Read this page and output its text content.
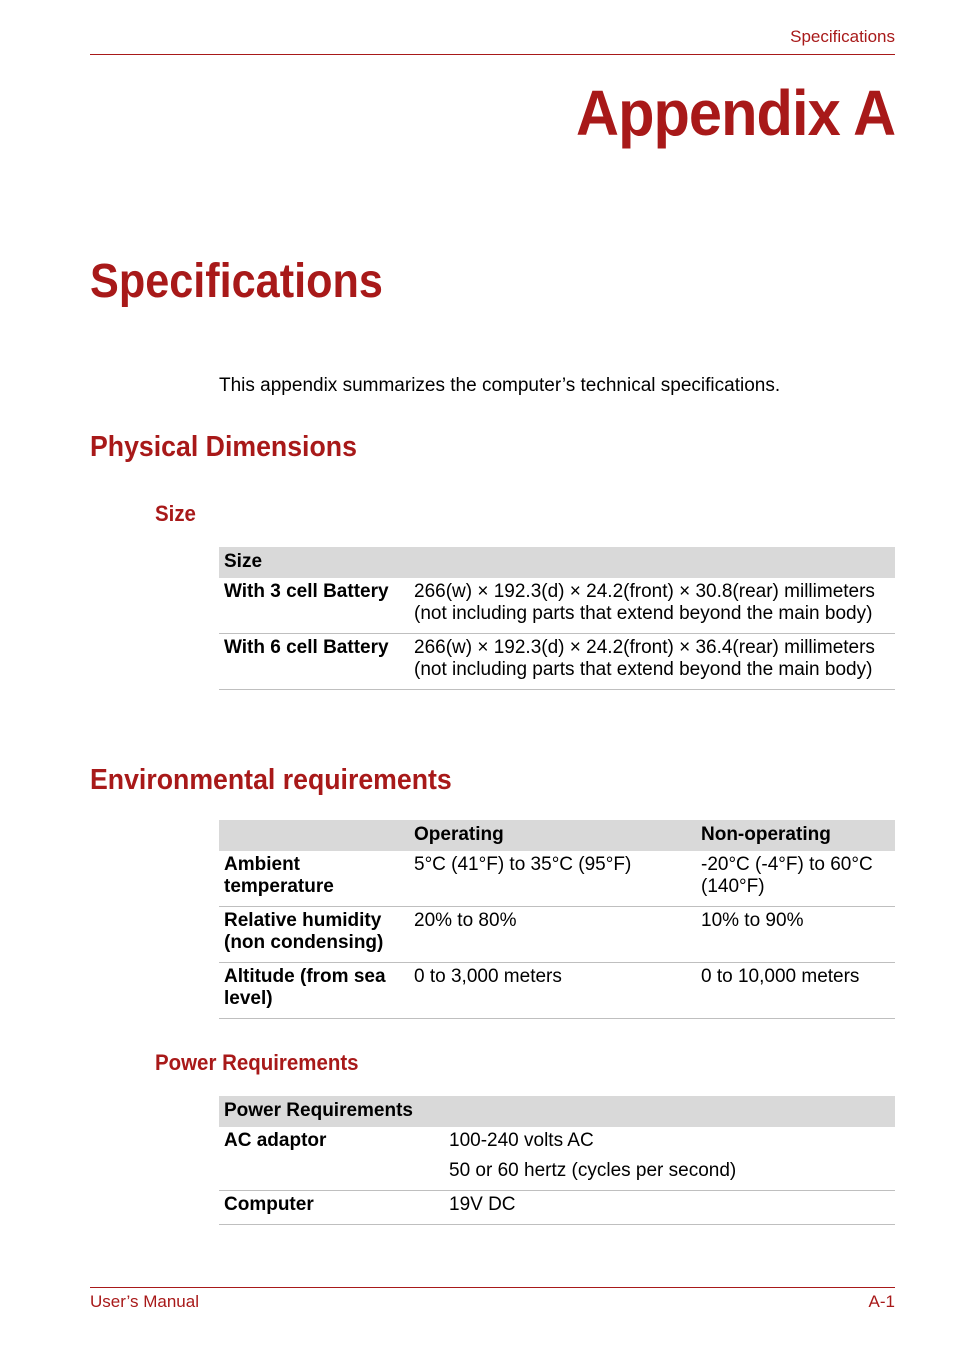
Specifications
Appendix A
Specifications
This appendix summarizes the computer’s technical specifications.
Physical Dimensions
Size
Size	
With 3 cell Battery	266(w) × 192.3(d) × 24.2(front) × 30.8(rear) millimeters (not including parts that extend beyond the main body)
With 6 cell Battery	266(w) × 192.3(d) × 24.2(front) × 36.4(rear) millimeters (not including parts that extend beyond the main body)
Environmental requirements
	Operating	Non-operating
Ambient temperature	5°C (41°F) to 35°C (95°F)	-20°C (-4°F) to 60°C (140°F)
Relative humidity (non condensing)	20% to 80%	10% to 90%
Altitude (from sea level)	0 to 3,000 meters	0 to 10,000 meters
Power Requirements
Power Requirements	
AC adaptor	100-240 volts AC
50 or 60 hertz (cycles per second)

Computer	19V DC
User’s Manual	A-1
